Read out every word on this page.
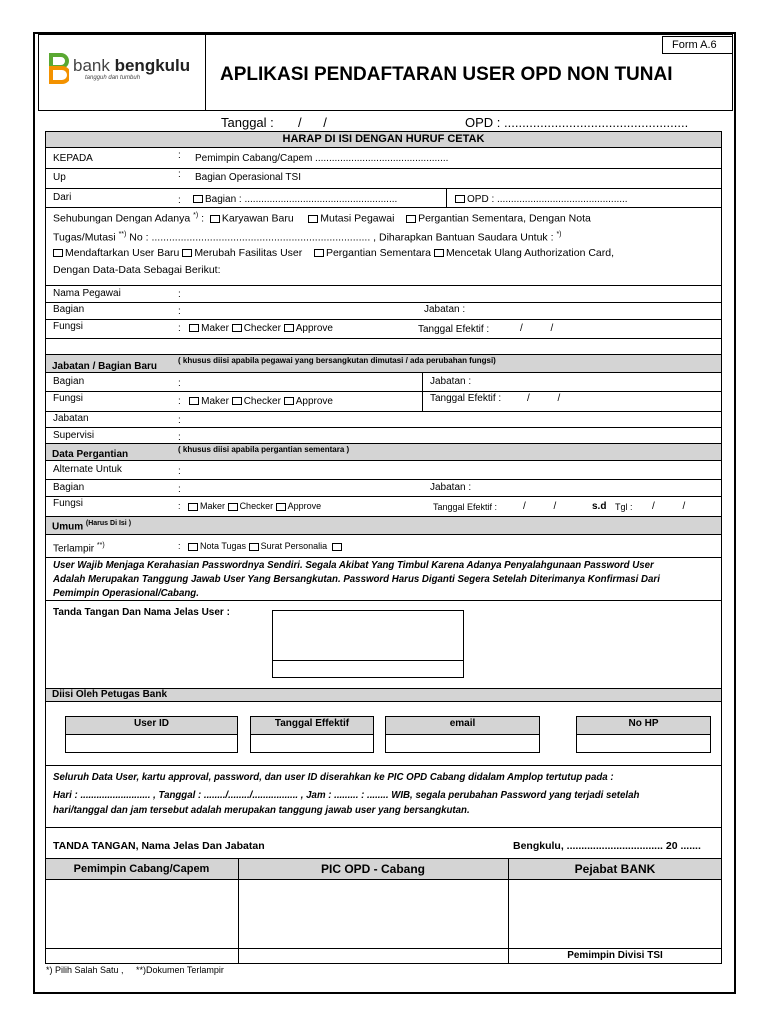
bank bengkulu
tangguh dan tumbuh
Form A.6
APLIKASI PENDAFTARAN USER OPD NON TUNAI
Tanggal : /      /	OPD : ...................................................
HARAP DI ISI DENGAN HURUF CETAK
KEPADA	: Pemimpin Cabang/Capem ................................................
Up	: Bagian Operasional TSI
Dari	:	Bagian : .......................................................	OPD : ...............................................
Sehubungan Dengan Adanya *) : Karyawan Baru	Mutasi Pegawai Pergantian Sementara, Dengan Nota
Tugas/Mutasi **) No : ........................................................................... , Diharapkan Bantuan Saudara Untuk : *)
Mendaftarkan User Baru Merubah Fasilitas User Pergantian Sementara Mencetak Ulang Authorization Card,
Dengan Data-Data Sebagai Berikut:
Nama Pegawai	:
Bagian	:	Jabatan :
Fungsi	: Maker Checker Approve	Tanggal Efektif :	/          /
Jabatan / Bagian Baru
( khusus diisi apabila pegawai yang bersangkutan dimutasi / ada perubahan fungsi)
Bagian	:	Jabatan :
Fungsi	: Maker Checker Approve	Tanggal Efektif :	/          /
Jabatan	:
Supervisi	:
Data Pergantian	( khusus diisi apabila pergantian sementara )
Alternate Untuk	:
Bagian	:	Jabatan :
Fungsi	: Maker Checker Approve	Tanggal Efektif :	/          /	s.d Tgl : /          /
Umum $^{(Harus Di Isi )}$
Terlampir **)	: Nota Tugas Surat Personalia
User Wajib Menjaga Kerahasian Passwordnya Sendiri. Segala Akibat Yang Timbul Karena Adanya Penyalahgunaan Password User
Adalah Merupakan Tanggung Jawab User Yang Bersangkutan. Password Harus Diganti Segera Setelah Diterimanya Konfirmasi Dari
Pemimpin Operasional/Cabang.
Tanda Tangan Dan Nama Jelas User :
Diisi Oleh Petugas Bank
User ID	Tanggal Effektif	email	No HP
Seluruh Data User, kartu approval, password, dan user ID diserahkan ke PIC OPD Cabang didalam Amplop tertutup pada :
Hari : .......................... , Tanggal : ......../......../................. , Jam : ......... : ........ WIB, segala perubahan Password yang terjadi setelah
hari/tanggal dan jam tersebut adalah merupakan tanggung jawab user yang bersangkutan.
TANDA TANGAN, Nama Jelas Dan Jabatan	Bengkulu, ................................. 20 .......
Pemimpin Cabang/Capem	PIC OPD - Cabang	Pejabat BANK
Pemimpin Divisi TSI
*) Pilih Salah Satu ,     **)Dokumen Terlampir
